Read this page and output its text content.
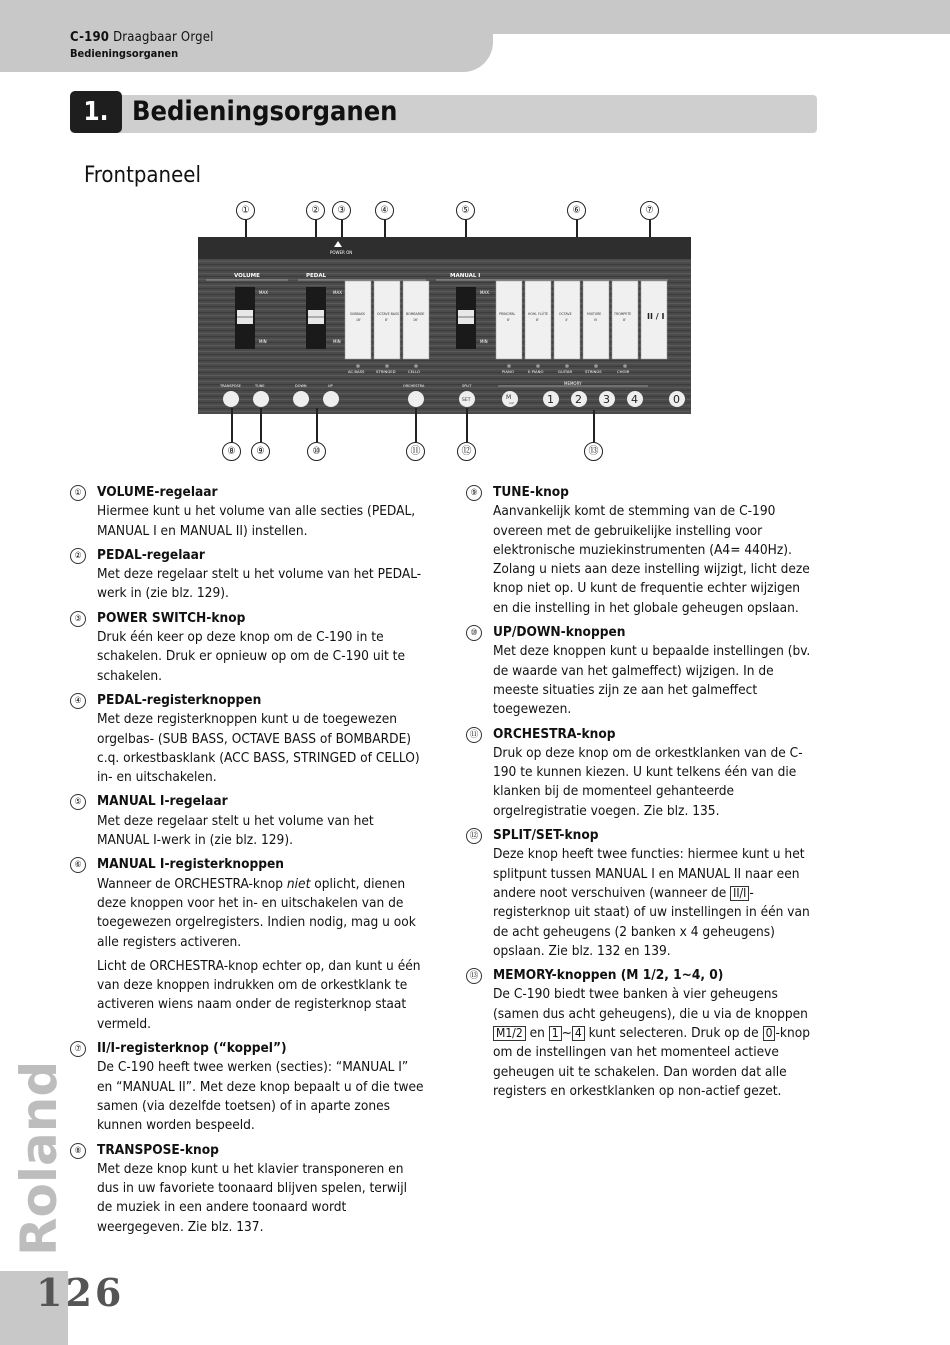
C-190 Draagbaar Orgel
Bedieningsorganen
1. Bedieningsorganen
Frontpaneel
①	②	③	④	⑤	⑥	⑦
POWER ON
VOLUME	PEDAL	MANUAL I
MAX
MIN
MAX
MIN
SUBBASS
16'
OCTAVE BASS
8'
BOMBARDE
16'
AC.BASS	STRINGED	CELLO
MAX
MIN
PRINCIPAL
8'
HOHL FLÖTE
8'
OCTAVE
4'
MIXTURE
IV
TROMPETE
8'	II / I
PIANO	E.PIANO	GUITAR	STRINGS	CHOIR
TRANSPOSE	TUNE	DOWN	UP	ORCHESTRA	SPLIT	MEMORY
SET	M
1/2	1 2 3 4	0
⑧	⑨	⑩	⑪	⑫	⑬
①	VOLUME-regelaar

Hiermee kunt u het volume van alle secties (PEDAL, MANUAL I en MANUAL II) instellen.

②	PEDAL-regelaar

Met deze regelaar stelt u het volume van het PEDAL-werk in (zie blz. 129).

③	POWER SWITCH-knop

Druk één keer op deze knop om de C-190 in te schakelen. Druk er opnieuw op om de C-190 uit te schakelen.

④	PEDAL-registerknoppen

Met deze registerknoppen kunt u de toegewezen orgelbas- (SUB BASS, OCTAVE BASS of BOMBARDE) c.q. orkestbasklank (ACC BASS, STRINGED of CELLO) in- en uitschakelen.

⑤	MANUAL I-regelaar

Met deze regelaar stelt u het volume van het MANUAL I-werk in (zie blz. 129).

⑥	MANUAL I-registerknoppen

Wanneer de ORCHESTRA-knop niet oplicht, dienen deze knoppen voor het in- en uitschakelen van de toegewezen orgelregisters. Indien nodig, mag u ook alle registers activeren.

Licht de ORCHESTRA-knop echter op, dan kunt u één van deze knoppen indrukken om de orkestklank te activeren wiens naam onder de registerknop staat vermeld.

⑦	II/I-registerknop (“koppel”)

De C-190 heeft twee werken (secties): “MANUAL I” en “MANUAL II”. Met deze knop bepaalt u of die twee samen (via dezelfde toetsen) of in aparte zones kunnen worden bespeeld.

⑧	TRANSPOSE-knop

Met deze knop kunt u het klavier transponeren en dus in uw favoriete toonaard blijven spelen, terwijl de muziek in een andere toonaard wordt weergegeven. Zie blz. 137.

⑨	TUNE-knop

Aanvankelijk komt de stemming van de C-190 overeen met de gebruikelijke instelling voor elektronische muziekinstrumenten (A4= 440Hz). Zolang u niets aan deze instelling wijzigt, licht deze knop niet op. U kunt de frequentie echter wijzigen en die instelling in het globale geheugen opslaan.

⑩	UP/DOWN-knoppen

Met deze knoppen kunt u bepaalde instellingen (bv. de waarde van het galmeffect) wijzigen. In de meeste situaties zijn ze aan het galmeffect toegewezen.

⑪ ORCHESTRA-knop

Druk op deze knop om de orkestklanken van de C-190 te kunnen kiezen. U kunt telkens één van die klanken bij de momenteel gehanteerde orgelregistratie voegen. Zie blz. 135.

⑫ SPLIT/SET-knop

Deze knop heeft twee functies: hiermee kunt u het splitpunt tussen MANUAL I en MANUAL II naar een andere noot verschuiven (wanneer de II/I -registerknop uit staat) of uw instellingen in één van de acht geheugens (2 banken x 4 geheugens) opslaan. Zie blz. 132 en 139.

⑬ MEMORY-knoppen (M 1/2, 1~4, 0)

De C-190 biedt twee banken à vier geheugens (samen dus acht geheugens), die u via de knoppen M1/2 en 1 ~ 4 kunt selecteren. Druk op de 0 -knop om de instellingen van het momenteel actieve geheugen uit te schakelen. Dan worden dat alle registers en orkestklanken op non-actief gezet.

Roland
126
